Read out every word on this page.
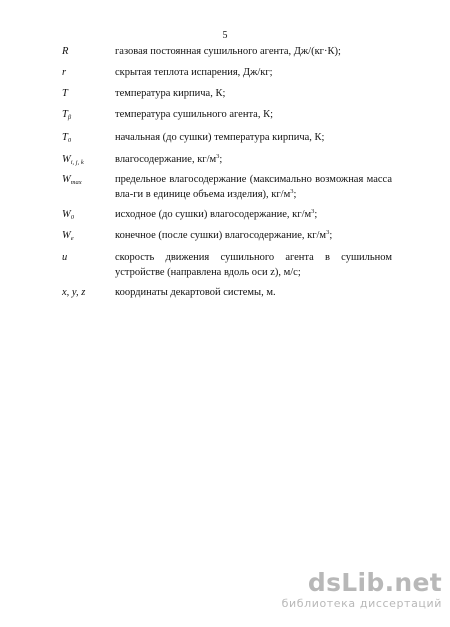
5
R	газовая постоянная сушильного агента, Дж/(кг·К);
r	скрытая теплота испарения, Дж/кг;
T	температура кирпича, К;
$T_\beta$	температура сушильного агента, К;
$T_0$	начальная (до сушки) температура кирпича, К;
$W_{i, j, k}$	влагосодержание, $кг/м^3$;
$W_{max}$	предельное влагосодержание (максимально возможная масса вла-ги в единице объема изделия), $кг/м^3$;
$W_0$	исходное (до сушки) влагосодержание, $кг/м^3$;
$W_e$	конечное (после сушки) влагосодержание, $кг/м^3$;
u	скорость движения сушильного агента в сушильном устройстве (направлена вдоль оси z), м/с;
x, y, z	координаты декартовой системы, м.
dsLib.net
библиотека диссертаций
